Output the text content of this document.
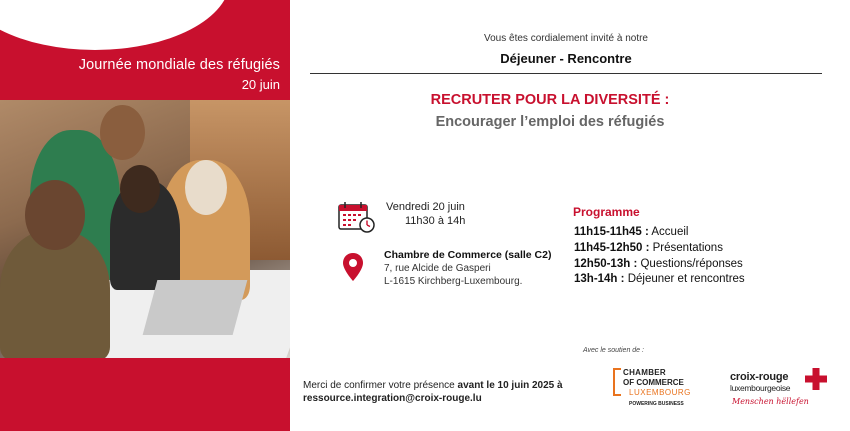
Journée mondiale des réfugiés
20 juin
Vous êtes cordialement invité à notre
Déjeuner - Rencontre
RECRUTER POUR LA DIVERSITÉ :
Encourager l’emploi des réfugiés
Vendredi 20 juin
11h30 à 14h
Chambre de Commerce (salle C2)
7, rue Alcide de Gasperi
L-1615 Kirchberg-Luxembourg.
Programme
11h15-11h45 : Accueil
11h45-12h50 : Présentations
12h50-13h : Questions/réponses
13h-14h : Déjeuner et rencontres
Avec le soutien de :
Merci de confirmer votre présence avant le 10 juin 2025 à
ressource.integration@croix-rouge.lu
CHAMBER
OF COMMERCE
LUXEMBOURG
POWERING BUSINESS
croix-rouge
luxembourgeoise
Menschen hëllefen
